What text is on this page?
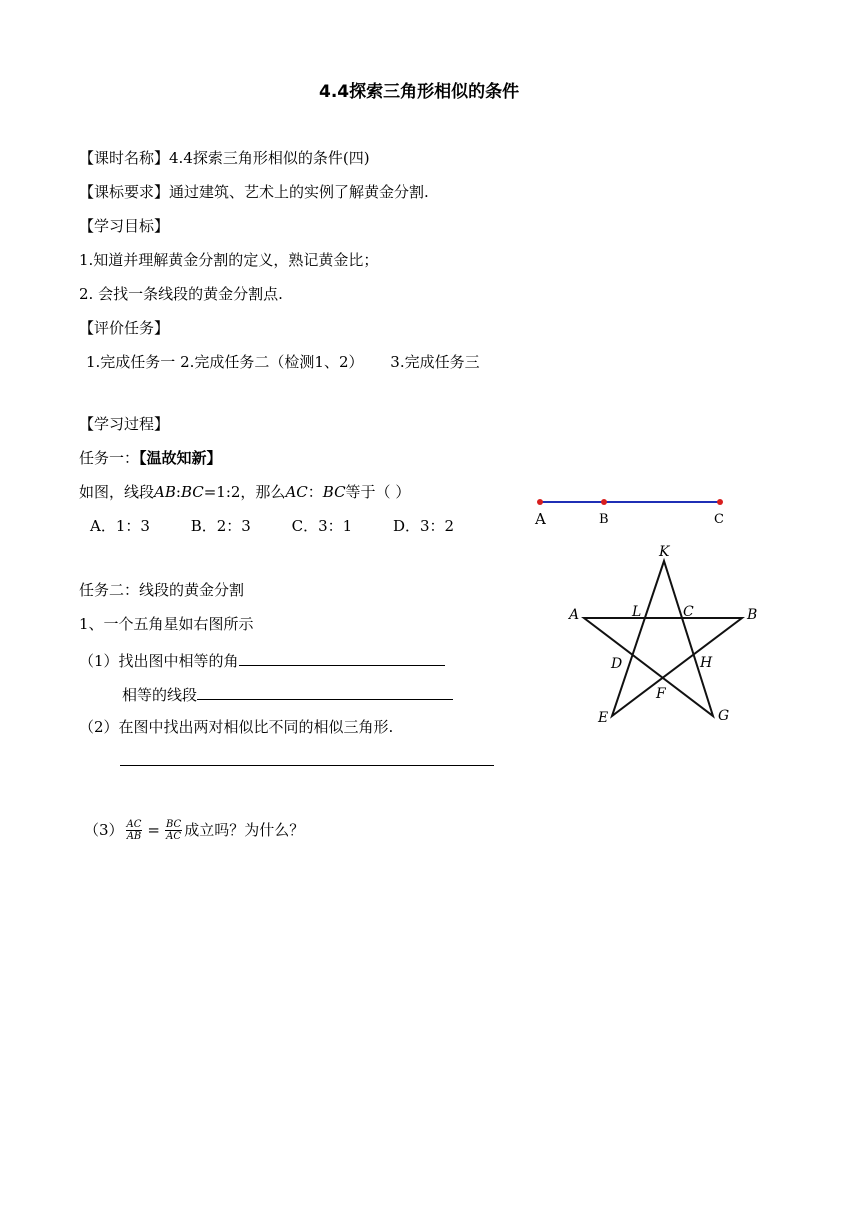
4.4探索三角形相似的条件
【课时名称】4.4探索三角形相似的条件(四)
【课标要求】通过建筑、艺术上的实例了解黄金分割.
【学习目标】
1.知道并理解黄金分割的定义，熟记黄金比；
2. 会找一条线段的黄金分割点.
【评价任务】
1.完成任务一 2.完成任务二（检测1、2） 3.完成任务三
【学习过程】
任务一：【温故知新】
如图，线段AB:BC=1:2，那么AC：BC等于（ ）
A．1：3	B．2：3	C．3：1	D．3：2	A	B	C
任务二：线段的黄金分割
1、一个五角星如右图所示
（1）找出图中相等的角
相等的线段
（2）在图中找出两对相似比不同的相似三角形.
$(3) \frac{AC}{AB} = \frac{BC}{AC}$ 成立吗？为什么？
K
A	L	C	B
D	H
F
E	G
